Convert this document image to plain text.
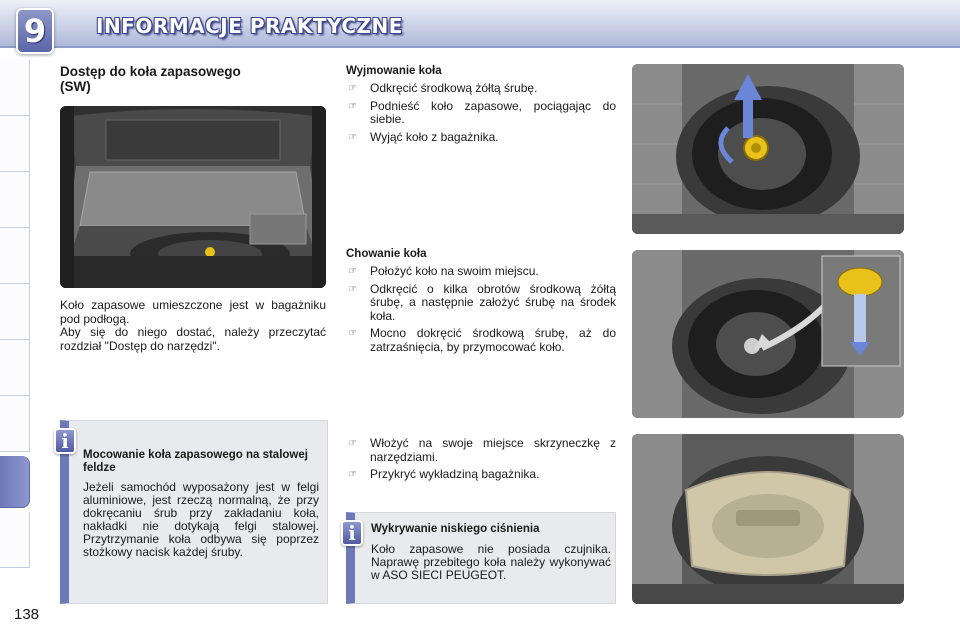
9	INFORMACJE PRAKTYCZNE
Dostęp do koła zapasowego
(SW)
Koło zapasowe umieszczone jest w bagażniku pod podłogą.
Aby się do niego dostać, należy przeczytać rozdział "Dostęp do narzędzi".
Mocowanie koła zapasowego na stalowej feldze
Jeżeli samochód wyposażony jest w felgi aluminiowe, jest rzeczą normalną, że przy dokręcaniu śrub przy zakładaniu koła, nakładki nie dotykają felgi stalowej. Przytrzymanie koła odbywa się poprzez stożkowy nacisk każdej śruby.
i
Wyjmowanie koła
☞ Odkręcić środkową żółtą śrubę.
☞ Podnieść koło zapasowe, pociągając do siebie.
☞ Wyjąć koło z bagażnika.
Chowanie koła
☞ Położyć koło na swoim miejscu.
☞ Odkręcić o kilka obrotów środkową żółtą śrubę, a następnie założyć śrubę na środek koła.
☞ Mocno dokręcić środkową śrubę, aż do zatrzaśnięcia, by przymocować koło.
☞ Włożyć na swoje miejsce skrzyneczkę z narzędziami.
☞ Przykryć wykładziną bagażnika.
Wykrywanie niskiego ciśnienia
Koło zapasowe nie posiada czujnika. Naprawę przebitego koła należy wykonywać w ASO SIECI PEUGEOT.
i
138
